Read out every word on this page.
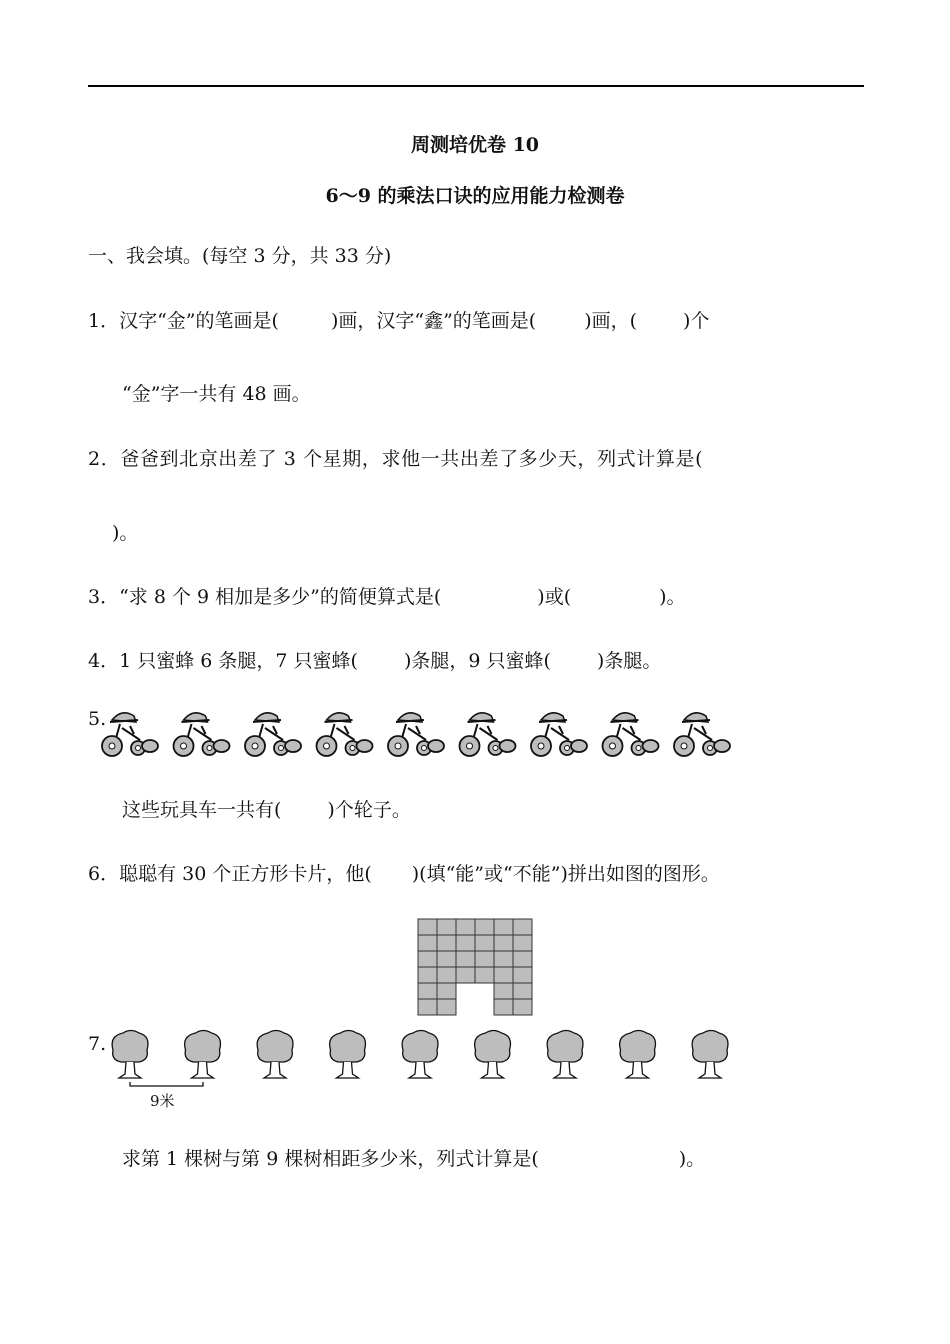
周测培优卷 10
6～9 的乘法口诀的应用能力检测卷
一、我会填。(每空 3 分，共 33 分)
1．汉字“金”的笔画是(	)画，汉字“鑫”的笔画是(	)画，( )个
“金”字一共有 48 画。
2．爸爸到北京出差了 3 个星期，求他一共出差了多少天，列式计算是(
)。
3．“求 8 个 9 相加是多少”的简便算式是(	)或(	)。
4．1 只蜜蜂 6 条腿，7 只蜜蜂( )条腿，9 只蜜蜂( )条腿。
5.
这些玩具车一共有( )个轮子。
6．聪聪有 30 个正方形卡片，他( )(填“能”或“不能”)拼出如图的图形。
7.
9米
求第 1 棵树与第 9 棵树相距多少米，列式计算是(	)。
